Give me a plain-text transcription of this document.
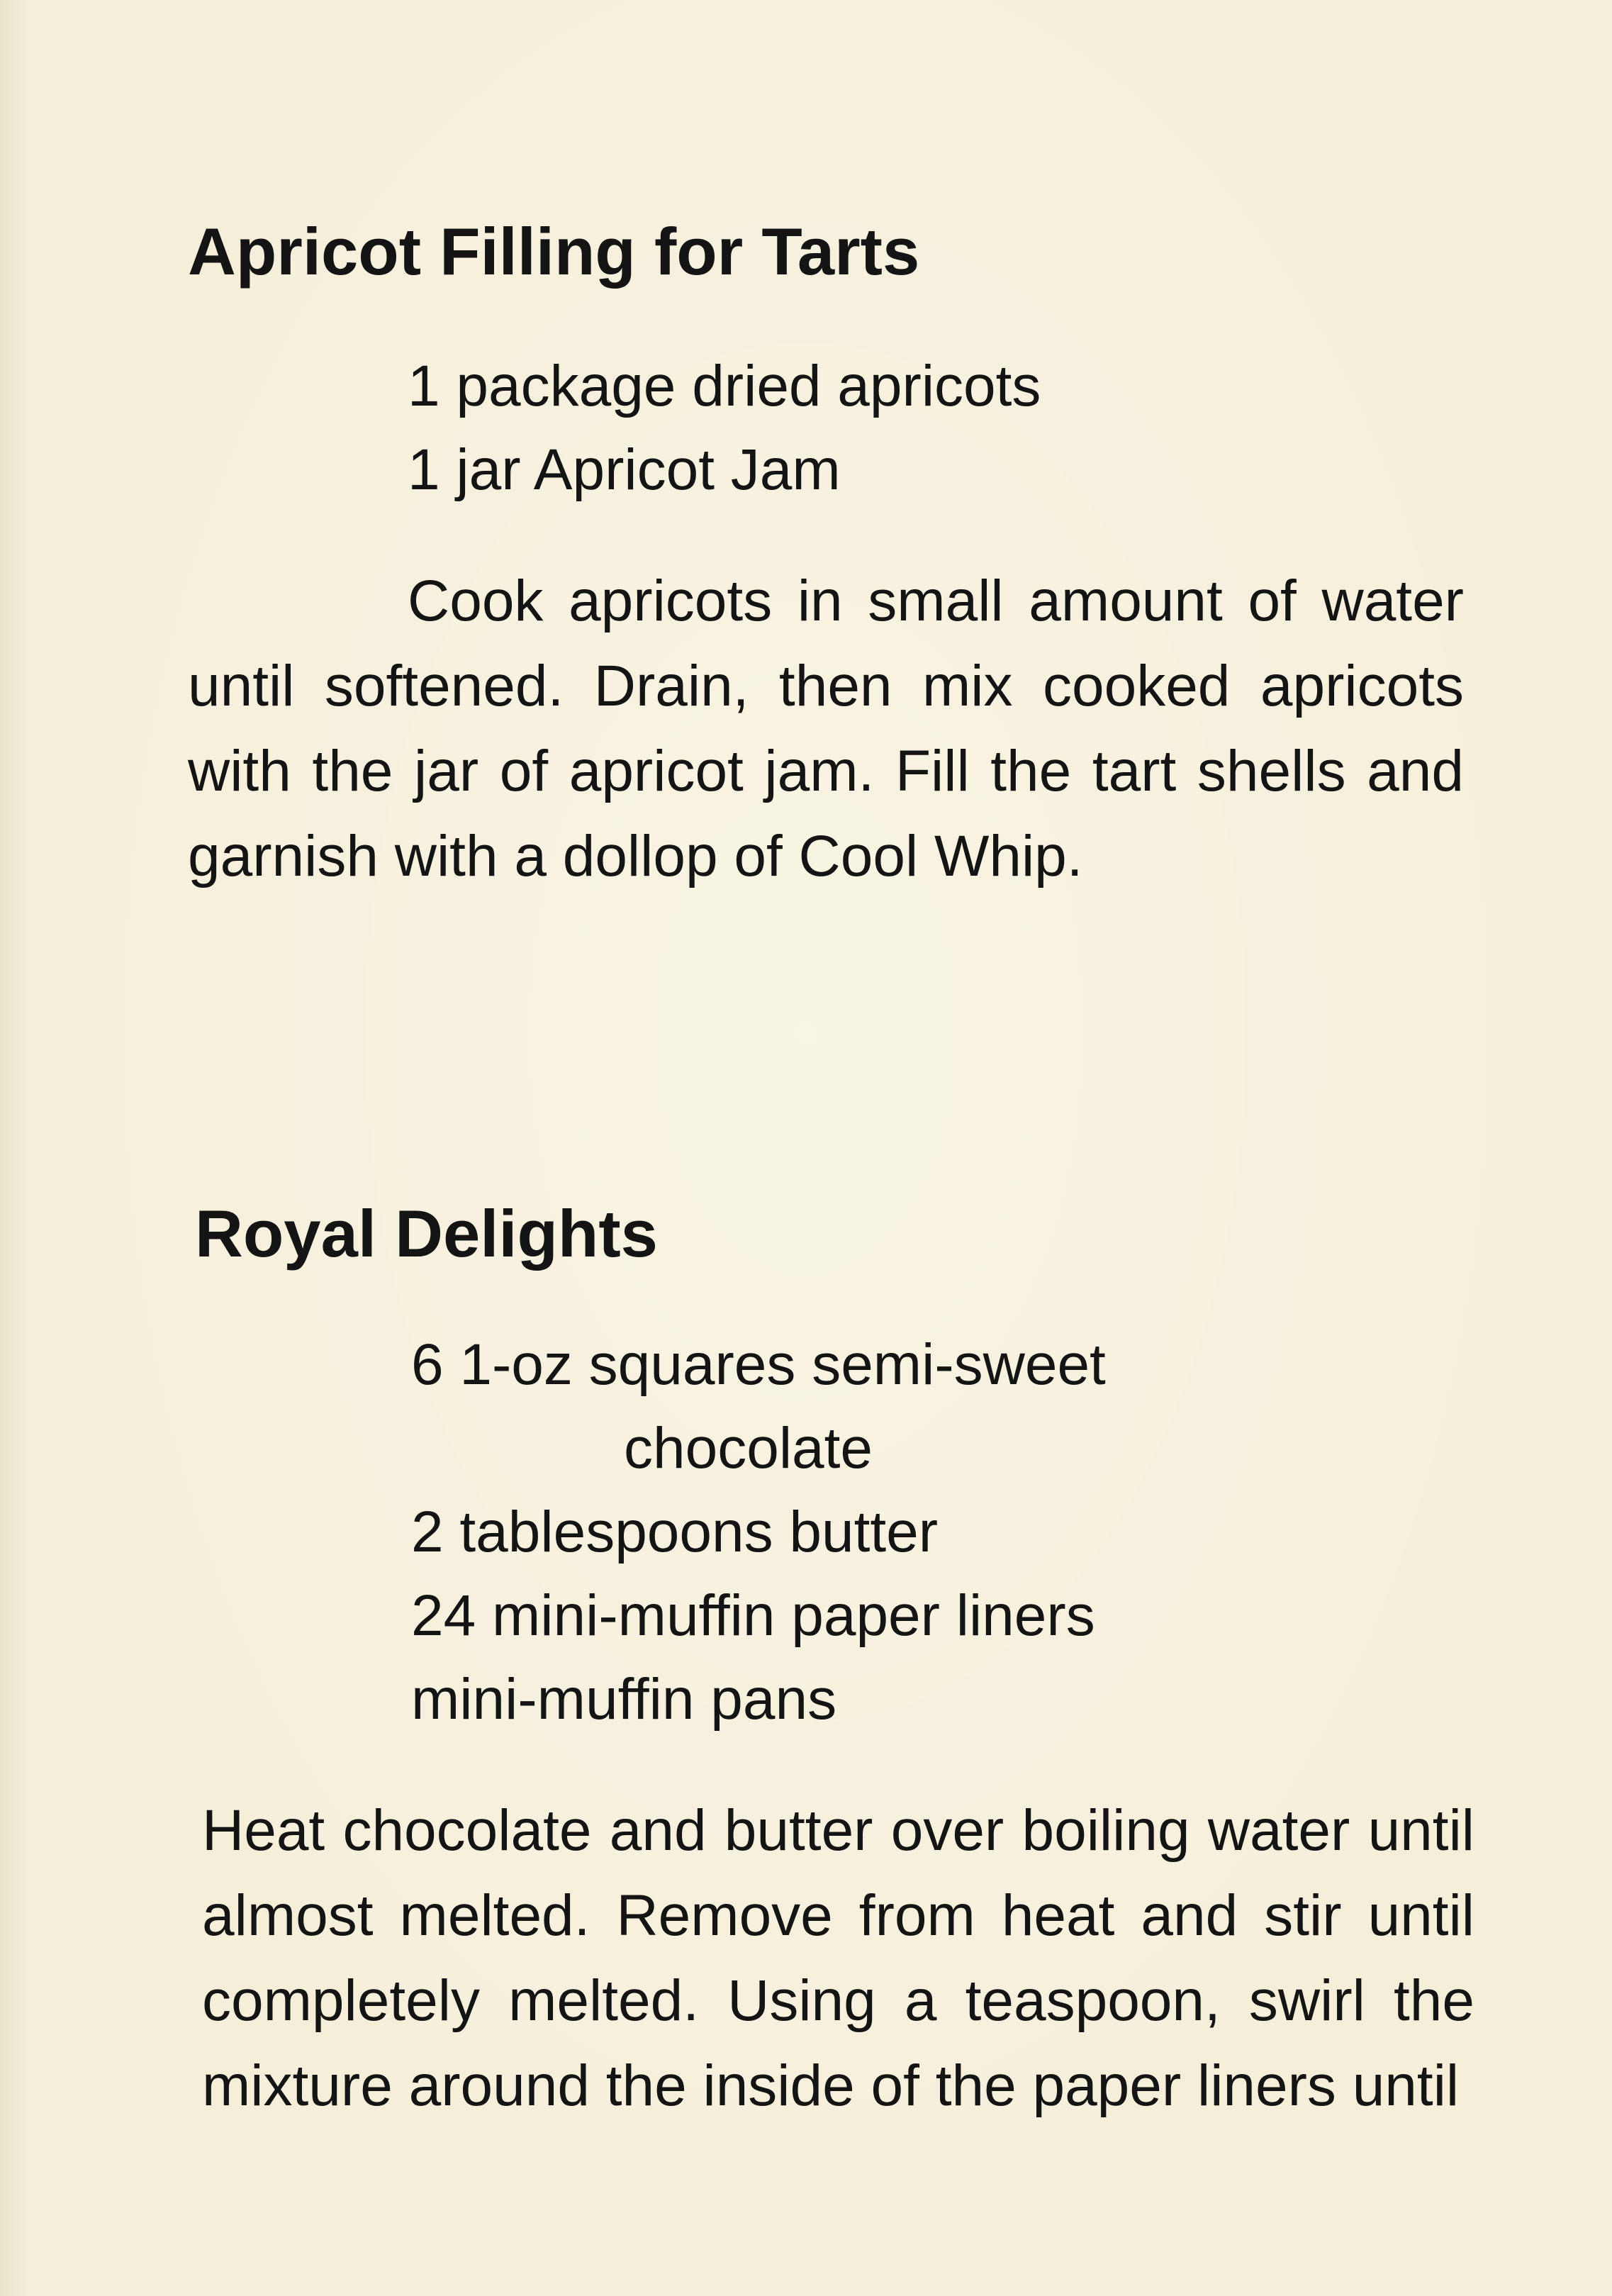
Apricot Filling for Tarts
1 package dried apricots
1 jar Apricot Jam
Cook apricots in small amount of water until softened. Drain, then mix cooked apricots with the jar of apricot jam. Fill the tart shells and garnish with a dollop of Cool Whip.
Royal Delights
6 1-oz squares semi-sweet
chocolate
2 tablespoons butter
24 mini-muffin paper liners
mini-muffin pans
Heat chocolate and butter over boiling water until almost melted. Remove from heat and stir until completely melted. Using a teaspoon, swirl the mixture around the inside of the paper liners until
